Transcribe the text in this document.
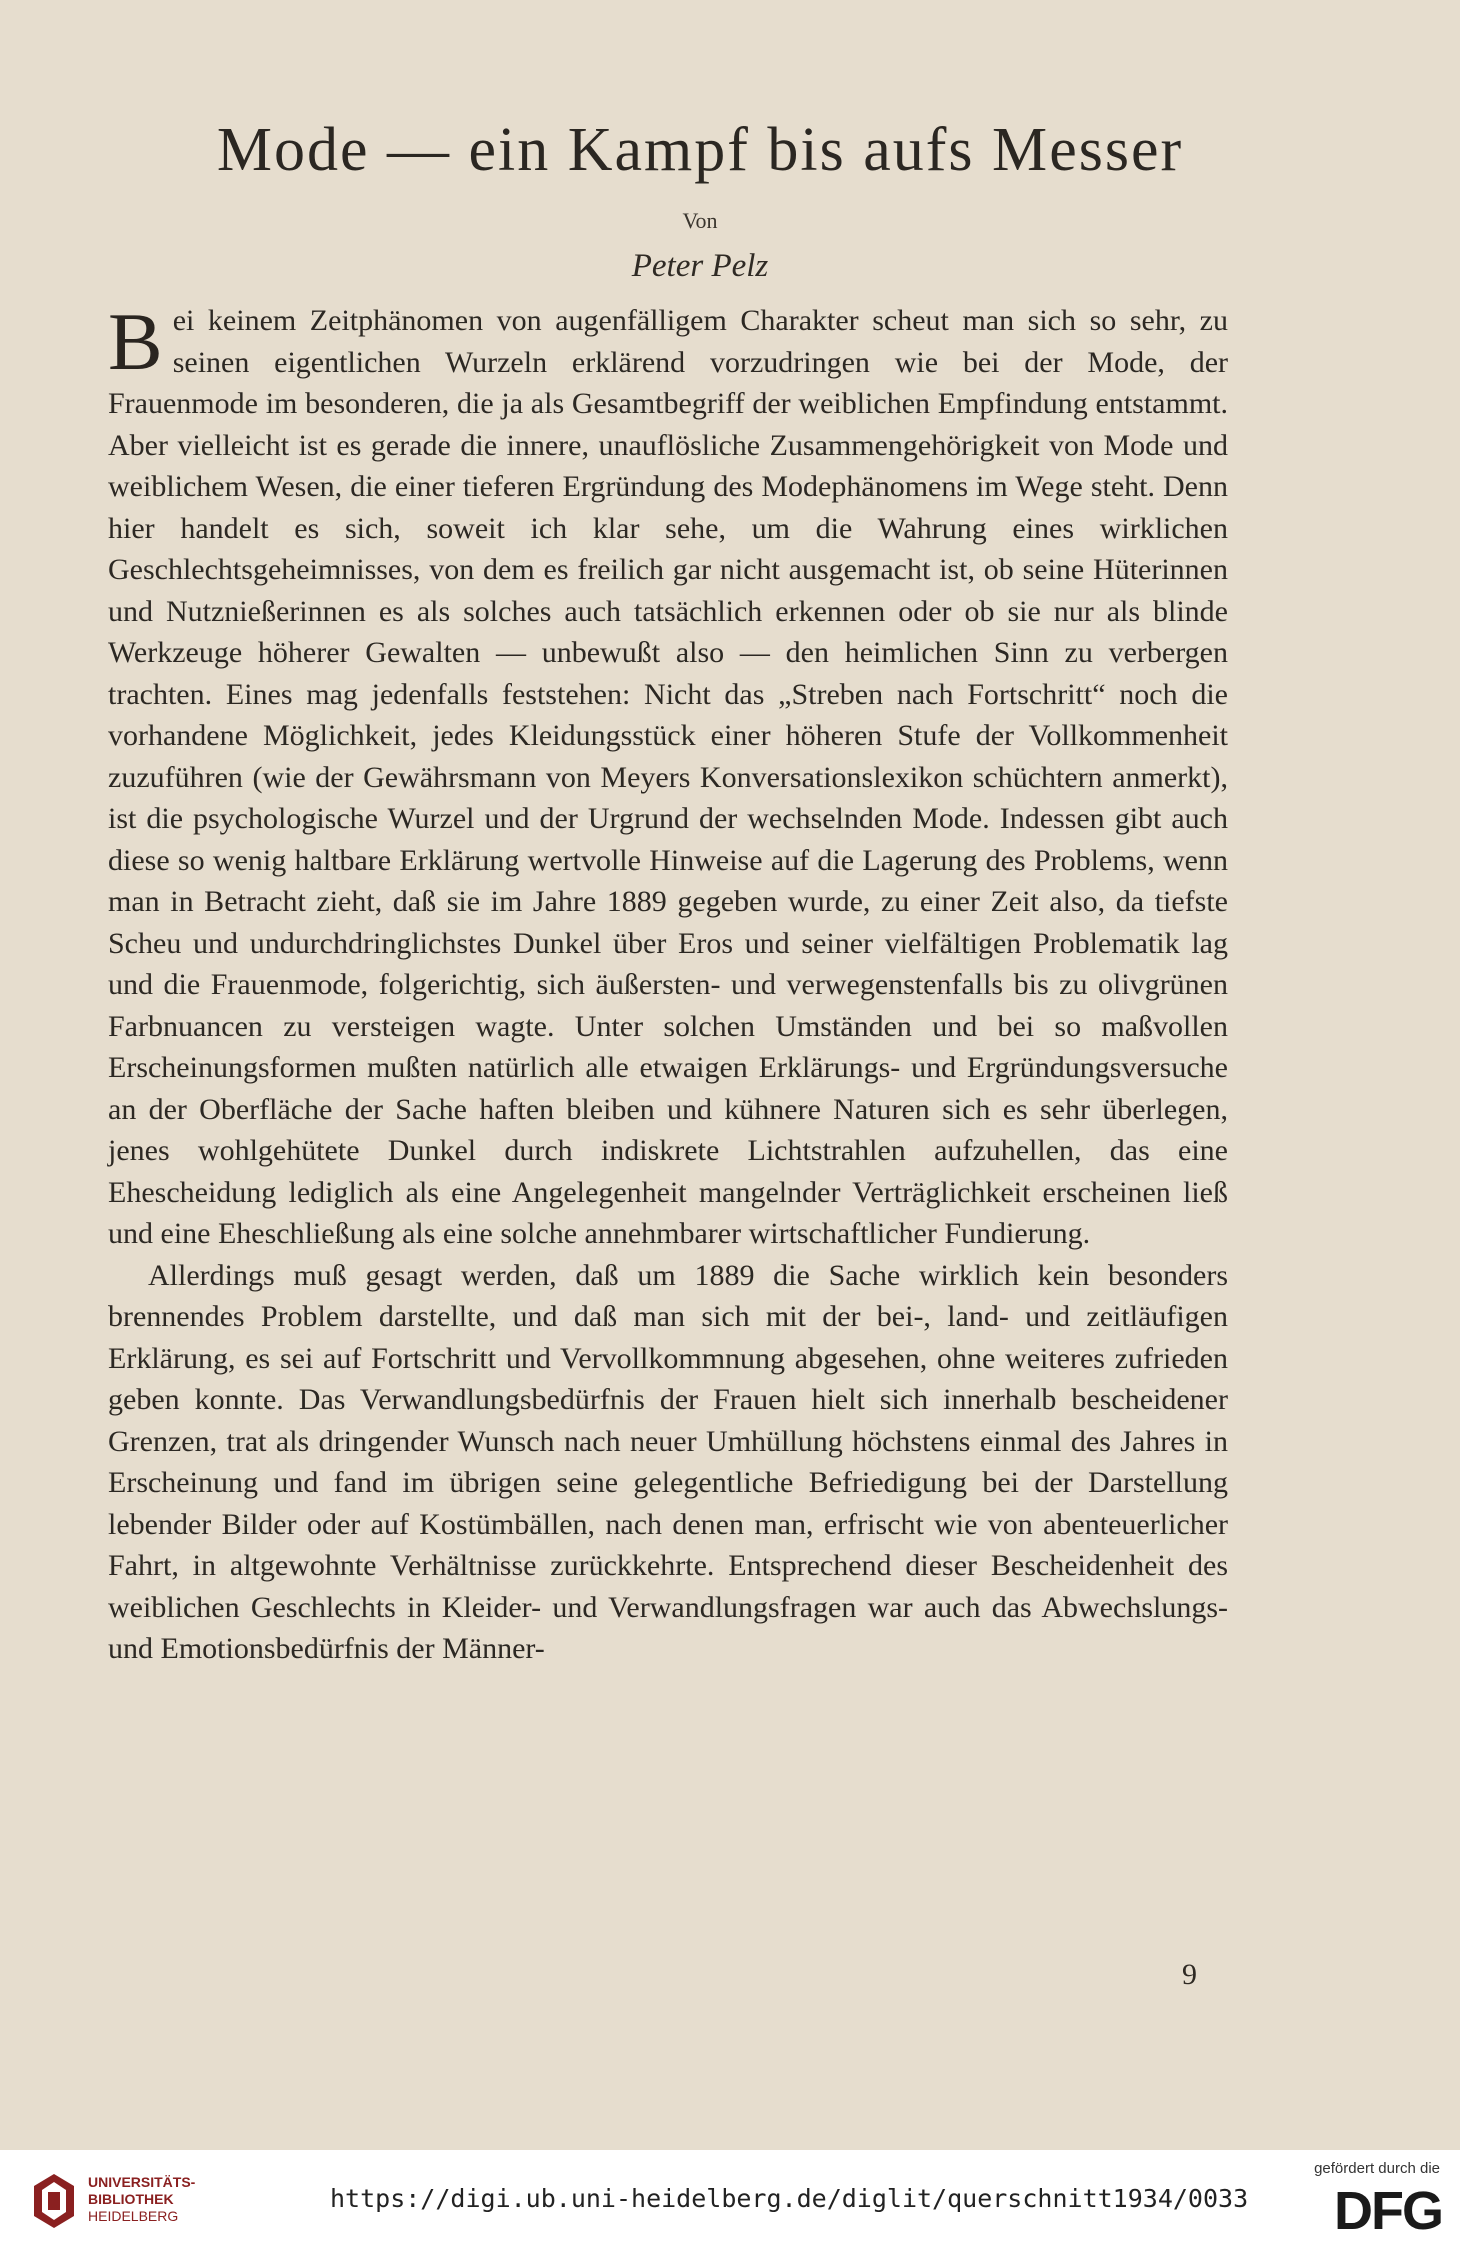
Mode — ein Kampf bis aufs Messer
Von
Peter Pelz

Bei keinem Zeitphänomen von augenfälligem Charakter scheut man sich so sehr, zu seinen eigentlichen Wurzeln erklärend vorzudringen wie bei der Mode, der Frauenmode im besonderen, die ja als Gesamtbegriff der weiblichen Empfindung entstammt. Aber vielleicht ist es gerade die innere, unauflösliche Zusammengehörigkeit von Mode und weiblichem Wesen, die einer tieferen Ergründung des Modephänomens im Wege steht. Denn hier handelt es sich, soweit ich klar sehe, um die Wahrung eines wirklichen Geschlechtsgeheimnisses, von dem es freilich gar nicht ausgemacht ist, ob seine Hüterinnen und Nutznießerinnen es als solches auch tatsächlich erkennen oder ob sie nur als blinde Werkzeuge höherer Gewalten — unbewußt also — den heimlichen Sinn zu verbergen trachten. Eines mag jedenfalls feststehen: Nicht das „Streben nach Fortschritt“ noch die vorhandene Möglichkeit, jedes Kleidungsstück einer höheren Stufe der Vollkommenheit zuzuführen (wie der Gewährsmann von Meyers Konversationslexikon schüchtern anmerkt), ist die psychologische Wurzel und der Urgrund der wechselnden Mode. Indessen gibt auch diese so wenig haltbare Erklärung wertvolle Hinweise auf die Lagerung des Problems, wenn man in Betracht zieht, daß sie im Jahre 1889 gegeben wurde, zu einer Zeit also, da tiefste Scheu und undurchdringlichstes Dunkel über Eros und seiner vielfältigen Problematik lag und die Frauenmode, folgerichtig, sich äußersten- und verwegenstenfalls bis zu olivgrünen Farbnuancen zu versteigen wagte. Unter solchen Umständen und bei so maßvollen Erscheinungsformen mußten natürlich alle etwaigen Erklärungs- und Ergründungsversuche an der Oberfläche der Sache haften bleiben und kühnere Naturen sich es sehr überlegen, jenes wohlgehütete Dunkel durch indiskrete Lichtstrahlen aufzuhellen, das eine Ehescheidung lediglich als eine Angelegenheit mangelnder Verträglichkeit erscheinen ließ und eine Eheschließung als eine solche annehmbarer wirtschaftlicher Fundierung.

Allerdings muß gesagt werden, daß um 1889 die Sache wirklich kein besonders brennendes Problem darstellte, und daß man sich mit der bei-, land- und zeitläufigen Erklärung, es sei auf Fortschritt und Vervollkommnung abgesehen, ohne weiteres zufrieden geben konnte. Das Verwandlungsbedürfnis der Frauen hielt sich innerhalb bescheidener Grenzen, trat als dringender Wunsch nach neuer Umhüllung höchstens einmal des Jahres in Erscheinung und fand im übrigen seine gelegentliche Befriedigung bei der Darstellung lebender Bilder oder auf Kostümbällen, nach denen man, erfrischt wie von abenteuerlicher Fahrt, in altgewohnte Verhältnisse zurückkehrte. Entsprechend dieser Bescheidenheit des weiblichen Geschlechts in Kleider- und Verwandlungsfragen war auch das Abwechslungs- und Emotionsbedürfnis der Männer-

9
UNIVERSITÄTS-
BIBLIOTHEK
HEIDELBERG
https://digi.ub.uni-heidelberg.de/diglit/querschnitt1934/0033
gefördert durch die
DFG
